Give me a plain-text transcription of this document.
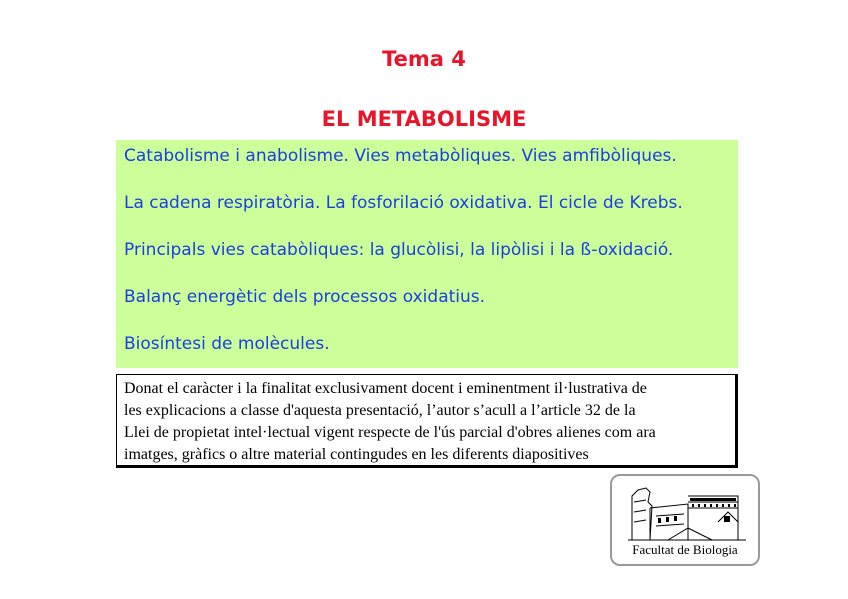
Tema 4
EL METABOLISME

Catabolisme i anabolisme. Vies metabòliques. Vies amfibòliques.

La cadena respiratòria. La fosforilació oxidativa. El cicle de Krebs.

Principals vies catabòliques: la glucòlisi, la lipòlisi i la ß-oxidació.

Balanç energètic dels processos oxidatius.

Biosíntesi de molècules.

Donat el caràcter i la finalitat exclusivament docent i eminentment il·lustrativa de
les explicacions a classe d'aquesta presentació, l’autor s’acull a l’article 32 de la
Llei de propietat intel·lectual vigent respecte de l'ús parcial d'obres alienes com ara
imatges, gràfics o altre material contingudes en les diferents diapositives
Facultat de Biologia
